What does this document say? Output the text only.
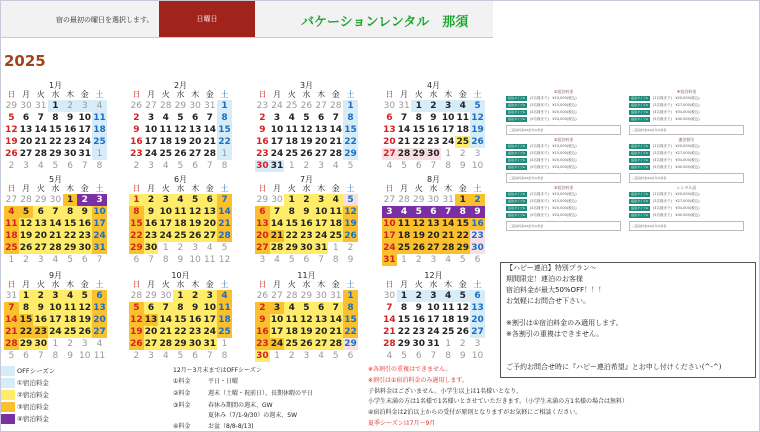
宿の最初の曜日を選択します。	日曜日	バケーションレンタル　那須
2025
1月
日 月 火 水 木 金 土
29 30 31 1 2 3 4
5 6 7 8 9 10 11
12 13 14 15 16 17 18
19 20 21 22 23 24 25
26 27 28 29 30 31 1
2 3 4 5 6 7 8
2月
日 月 火 水 木 金 土
26 27 28 29 30 31 1
2 3 4 5 6 7 8
9 10 11 12 13 14 15
16 17 18 19 20 21 22
23 24 25 26 27 28 1
2 3 4 5 6 7 8
3月
日 月 火 水 木 金 土
23 24 25 26 27 28 1
2 3 4 5 6 7 8
9 10 11 12 13 14 15
16 17 18 19 20 21 22
23 24 25 26 27 28 29
30 31 1 2 3 4 5
4月
日 月 火 水 木 金 土
30 31 1 2 3 4 5
6 7 8 9 10 11 12
13 14 15 16 17 18 19
20 21 22 23 24 25 26
27 28 29 30 1 2 3
4 5 6 7 8 9 10
5月
日 月 火 水 木 金 土
27 28 29 30 1 2 3
4 5 6 7 8 9 10
11 12 13 14 15 16 17
18 19 20 21 22 23 24
25 26 27 28 29 30 31
1 2 3 4 5 6 7
6月
日 月 火 水 木 金 土
1 2 3 4 5 6 7
8 9 10 11 12 13 14
15 16 17 18 19 20 21
22 23 24 25 26 27 28
29 30 1 2 3 4 5
6 7 8 9 10 11 12
7月
日 月 火 水 木 金 土
29 30 1 2 3 4 5
6 7 8 9 10 11 12
13 14 15 16 17 18 19
20 21 22 23 24 25 26
27 28 29 30 31 1 2
3 4 5 6 7 8 9
8月
日 月 火 水 木 金 土
27 28 29 30 31 1 2
3 4 5 6 7 8 9
10 11 12 13 14 15 16
17 18 19 20 21 22 23
24 25 26 27 28 29 30
31 1 2 3 4 5 6
9月
日 月 火 水 木 金 土
31 1 2 3 4 5 6
7 8 9 10 11 12 13
14 15 16 17 18 19 20
21 22 23 24 25 26 27
28 29 30 1 2 3 4
5 6 7 8 9 10 11
10月
日 月 火 水 木 金 土
28 29 30 1 2 3 4
5 6 7 8 9 10 11
12 13 14 15 16 17 18
19 20 21 22 23 24 25
26 27 28 29 30 31 1
2 3 4 5 6 7 8
11月
日 月 火 水 木 金 土
26 27 28 29 30 31 1
2 3 4 5 6 7 8
9 10 11 12 13 14 15
16 17 18 19 20 21 22
23 24 25 26 27 28 29
30 1 2 3 4 5 6
12月
日 月 火 水 木 金 土
30 1 2 3 4 5 6
7 8 9 10 11 12 13
14 15 16 17 18 19 20
21 22 23 24 25 26 27
28 29 30 31 1 2 3
4 5 6 7 8 9 10
①宿泊料金
宿泊タイプA	(2名様まで)　¥10,000(税込)
宿泊タイプA	(3名様まで)　¥15,000(税込)
宿泊タイプA	(4名様まで)　¥20,000(税込)
宿泊タイプA	(5名様まで)　¥24,000(税込)
ご宿泊料金※1泊分の料金
②宿泊料金
宿泊タイプA	(2名様まで)　¥10,000(税込)
宿泊タイプA	(3名様まで)　¥15,000(税込)
宿泊タイプA	(4名様まで)　¥20,000(税込)
宿泊タイプA	(5名様まで)　¥24,000(税込)
ご宿泊料金※1泊分の料金
③宿泊料金
宿泊タイプA	(2名様まで)　¥10,000(税込)
宿泊タイプA	(3名様まで)　¥15,000(税込)
宿泊タイプA	(4名様まで)　¥20,000(税込)
宿泊タイプA	(5名様まで)　¥24,000(税込)
ご宿泊料金※1泊分の料金
④宿泊料金
宿泊タイプA	(2名様まで)　¥20,000(税込)
宿泊タイプA	(3名様まで)　¥27,000(税込)
宿泊タイプA	(4名様まで)　¥34,000(税込)
宿泊タイプA	(5名様まで)　¥40,000(税込)
ご宿泊料金※1泊分の料金
連泊割引
宿泊タイプA	(2名様まで)　¥20,000(税込)
宿泊タイプA	(3名様まで)　¥27,000(税込)
宿泊タイプA	(4名様まで)　¥34,000(税込)
宿泊タイプA	(5名様まで)　¥40,000(税込)
ご宿泊料金※1泊分の料金
レンタル品
宿泊タイプA	(2名様まで)　¥20,000(税込)
宿泊タイプA	(3名様まで)　¥27,000(税込)
宿泊タイプA	(4名様まで)　¥34,000(税込)
宿泊タイプA	(5名様まで)　¥40,000(税込)
ご宿泊料金※1泊分の料金
【ハピー連泊】特別プラン～
期間限定！連泊のお客様
宿泊料金が最大50%OFF！！！
お気軽にお問合せ下さい。

※割引は①宿泊料金のみ適用します。
※各割引の重複はできません。

ご予約お問合せ時に『ハピー連泊希望』とお申し付けください(^-^)
OFFシーズン
①宿泊料金
②宿泊料金
③宿泊料金
④宿泊料金
12月～3月末まではOFFシーズン
①料金	平日・日曜
②料金	週末（土曜・祝前日）、長期休暇の平日
③料金	春休み期間の週末、GW
夏休み（7/1-9/30）の週末、SW
④料金	お盆（8/8-8/13)
※各割引の重複はできません。
※割引は①宿泊料金のみ適用します。
子供料金はございません。小学生以上は1名様いとなり、
小学生未満の方は1名様で1名様いとさせていただきます。（小学生未満の方1名様の場合は無料）
④宿泊料金は2泊以上からの受付が原則となりますがお気軽にご相談ください。
夏季シーズンは7月～9月
